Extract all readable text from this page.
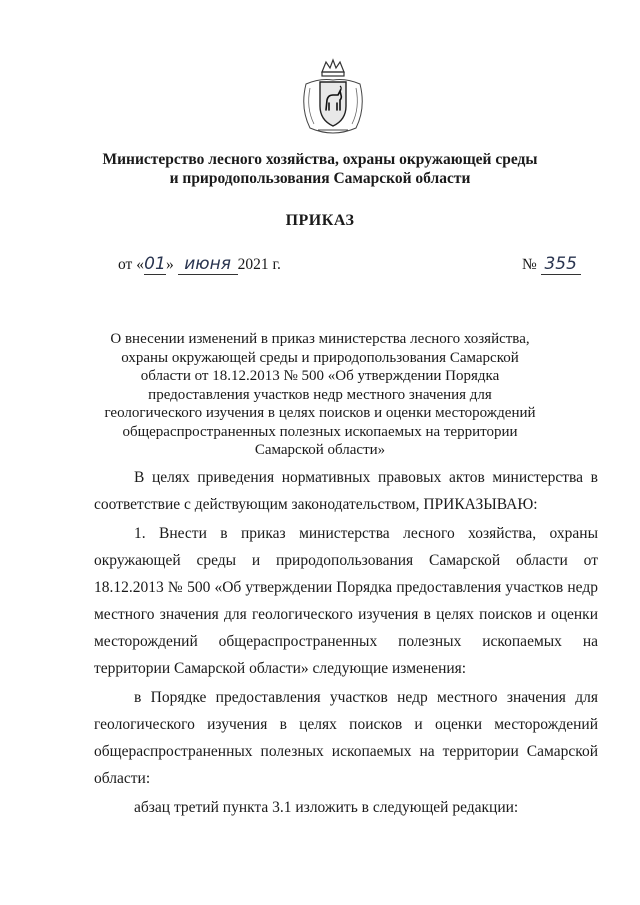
Министерство лесного хозяйства, охраны окружающей среды
и природопользования Самарской области
ПРИКАЗ
от «01» июня 2021 г.	№ 355
О внесении изменений в приказ министерства лесного хозяйства, охраны окружающей среды и природопользования Самарской области от 18.12.2013 № 500 «Об утверждении Порядка предоставления участков недр местного значения для геологического изучения в целях поисков и оценки месторождений общераспространенных полезных ископаемых на территории Самарской области»

В целях приведения нормативных правовых актов министерства в соответствие с действующим законодательством, ПРИКАЗЫВАЮ:

1. Внести в приказ министерства лесного хозяйства, охраны окружающей среды и природопользования Самарской области от 18.12.2013 № 500 «Об утверждении Порядка предоставления участков недр местного значения для геологического изучения в целях поисков и оценки месторождений общераспространенных полезных ископаемых на территории Самарской области» следующие изменения:

в Порядке предоставления участков недр местного значения для геологического изучения в целях поисков и оценки месторождений общераспространенных полезных ископаемых на территории Самарской области:

абзац третий пункта 3.1 изложить в следующей редакции:
